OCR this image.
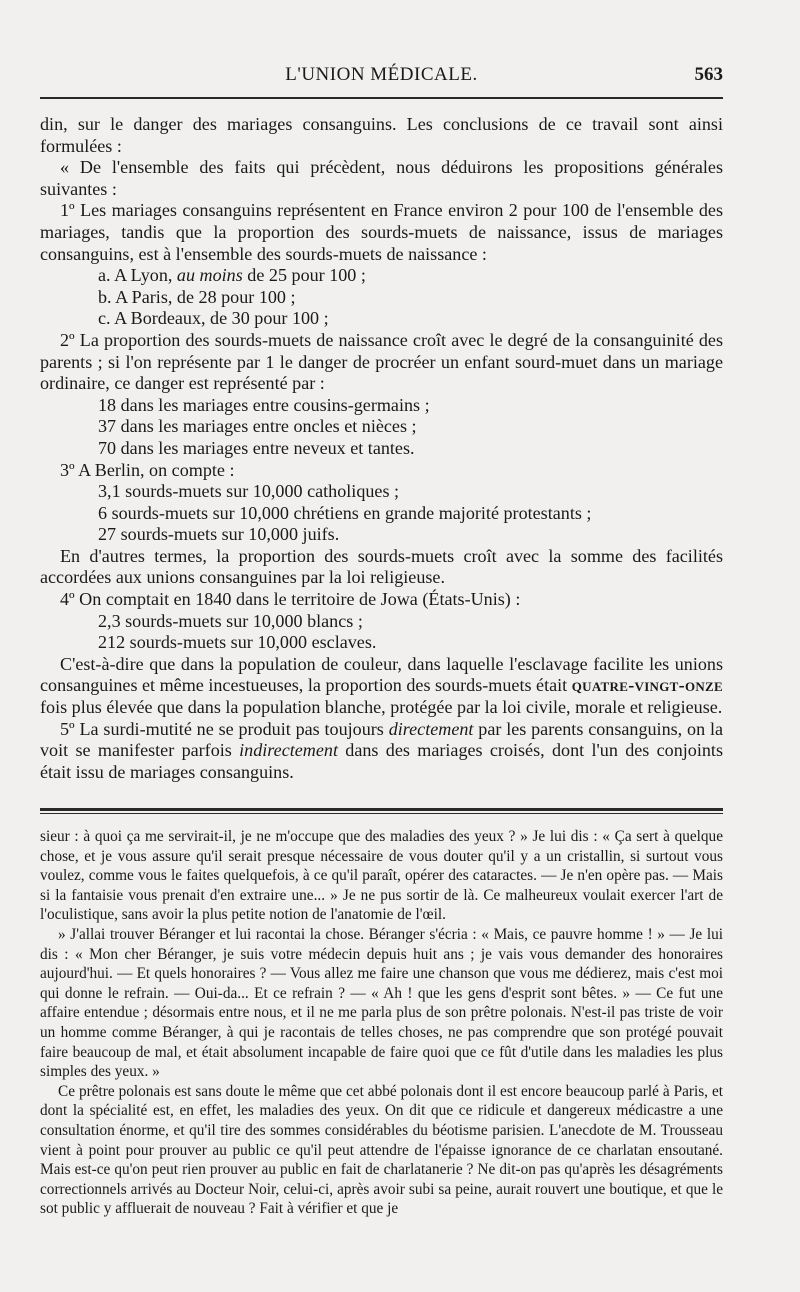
L'UNION MÉDICALE.	563

din, sur le danger des mariages consanguins. Les conclusions de ce travail sont ainsi formulées :

« De l'ensemble des faits qui précèdent, nous déduirons les propositions générales suivantes :

1º Les mariages consanguins représentent en France environ 2 pour 100 de l'ensemble des mariages, tandis que la proportion des sourds-muets de naissance, issus de mariages consanguins, est à l'ensemble des sourds-muets de naissance :

a. A Lyon, au moins de 25 pour 100 ;

b. A Paris, de 28 pour 100 ;

c. A Bordeaux, de 30 pour 100 ;

2º La proportion des sourds-muets de naissance croît avec le degré de la consanguinité des parents ; si l'on représente par 1 le danger de procréer un enfant sourd-muet dans un mariage ordinaire, ce danger est représenté par :

18 dans les mariages entre cousins-germains ;

37 dans les mariages entre oncles et nièces ;

70 dans les mariages entre neveux et tantes.

3º A Berlin, on compte :

3,1 sourds-muets sur 10,000 catholiques ;

6 sourds-muets sur 10,000 chrétiens en grande majorité protestants ;

27 sourds-muets sur 10,000 juifs.

En d'autres termes, la proportion des sourds-muets croît avec la somme des facilités accordées aux unions consanguines par la loi religieuse.

4º On comptait en 1840 dans le territoire de Jowa (États-Unis) :

2,3 sourds-muets sur 10,000 blancs ;

212 sourds-muets sur 10,000 esclaves.

C'est-à-dire que dans la population de couleur, dans laquelle l'esclavage facilite les unions consanguines et même incestueuses, la proportion des sourds-muets était quatre-vingt-onze fois plus élevée que dans la population blanche, protégée par la loi civile, morale et religieuse.

5º La surdi-mutité ne se produit pas toujours directement par les parents consanguins, on la voit se manifester parfois indirectement dans des mariages croisés, dont l'un des conjoints était issu de mariages consanguins.

sieur : à quoi ça me servirait-il, je ne m'occupe que des maladies des yeux ? » Je lui dis : « Ça sert à quelque chose, et je vous assure qu'il serait presque nécessaire de vous douter qu'il y a un cristallin, si surtout vous voulez, comme vous le faites quelquefois, à ce qu'il paraît, opérer des cataractes. — Je n'en opère pas. — Mais si la fantaisie vous prenait d'en extraire une... » Je ne pus sortir de là. Ce malheureux voulait exercer l'art de l'oculistique, sans avoir la plus petite notion de l'anatomie de l'œil.

» J'allai trouver Béranger et lui racontai la chose. Béranger s'écria : « Mais, ce pauvre homme ! » — Je lui dis : « Mon cher Béranger, je suis votre médecin depuis huit ans ; je vais vous demander des honoraires aujourd'hui. — Et quels honoraires ? — Vous allez me faire une chanson que vous me dédierez, mais c'est moi qui donne le refrain. — Oui-da... Et ce refrain ? — « Ah ! que les gens d'esprit sont bêtes. » — Ce fut une affaire entendue ; désormais entre nous, et il ne me parla plus de son prêtre polonais. N'est-il pas triste de voir un homme comme Béranger, à qui je racontais de telles choses, ne pas comprendre que son protégé pouvait faire beaucoup de mal, et était absolument incapable de faire quoi que ce fût d'utile dans les maladies les plus simples des yeux. »

Ce prêtre polonais est sans doute le même que cet abbé polonais dont il est encore beaucoup parlé à Paris, et dont la spécialité est, en effet, les maladies des yeux. On dit que ce ridicule et dangereux médicastre a une consultation énorme, et qu'il tire des sommes considérables du béotisme parisien. L'anecdote de M. Trousseau vient à point pour prouver au public ce qu'il peut attendre de l'épaisse ignorance de ce charlatan ensoutané. Mais est-ce qu'on peut rien prouver au public en fait de charlatanerie ? Ne dit-on pas qu'après les désagréments correctionnels arrivés au Docteur Noir, celui-ci, après avoir subi sa peine, aurait rouvert une boutique, et que le sot public y affluerait de nouveau ? Fait à vérifier et que je
